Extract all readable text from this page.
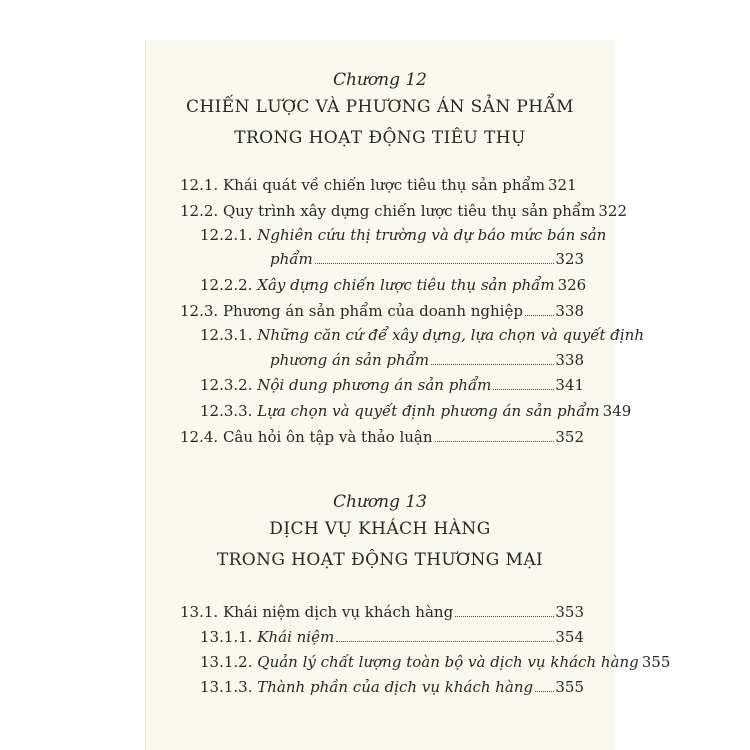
Chương 12
CHIẾN LƯỢC VÀ PHƯƠNG ÁN SẢN PHẨM
TRONG HOẠT ĐỘNG TIÊU THỤ
12.1. Khái quát về chiến lược tiêu thụ sản phẩm 321
12.2. Quy trình xây dựng chiến lược tiêu thụ sản phẩm 322
12.2.1. Nghiên cứu thị trường và dự báo mức bán sản
phẩm	323
12.2.2. Xây dựng chiến lược tiêu thụ sản phẩm 326
12.3. Phương án sản phẩm của doanh nghiệp 338
12.3.1. Những căn cứ để xây dựng, lựa chọn và quyết định
phương án sản phẩm	338
12.3.2. Nội dung phương án sản phẩm	341
12.3.3. Lựa chọn và quyết định phương án sản phẩm 349
12.4. Câu hỏi ôn tập và thảo luận	352
Chương 13
DỊCH VỤ KHÁCH HÀNG
TRONG HOẠT ĐỘNG THƯƠNG MẠI
13.1. Khái niệm dịch vụ khách hàng	353
13.1.1. Khái niệm	354
13.1.2. Quản lý chất lượng toàn bộ và dịch vụ khách hàng 355
13.1.3. Thành phần của dịch vụ khách hàng 355
